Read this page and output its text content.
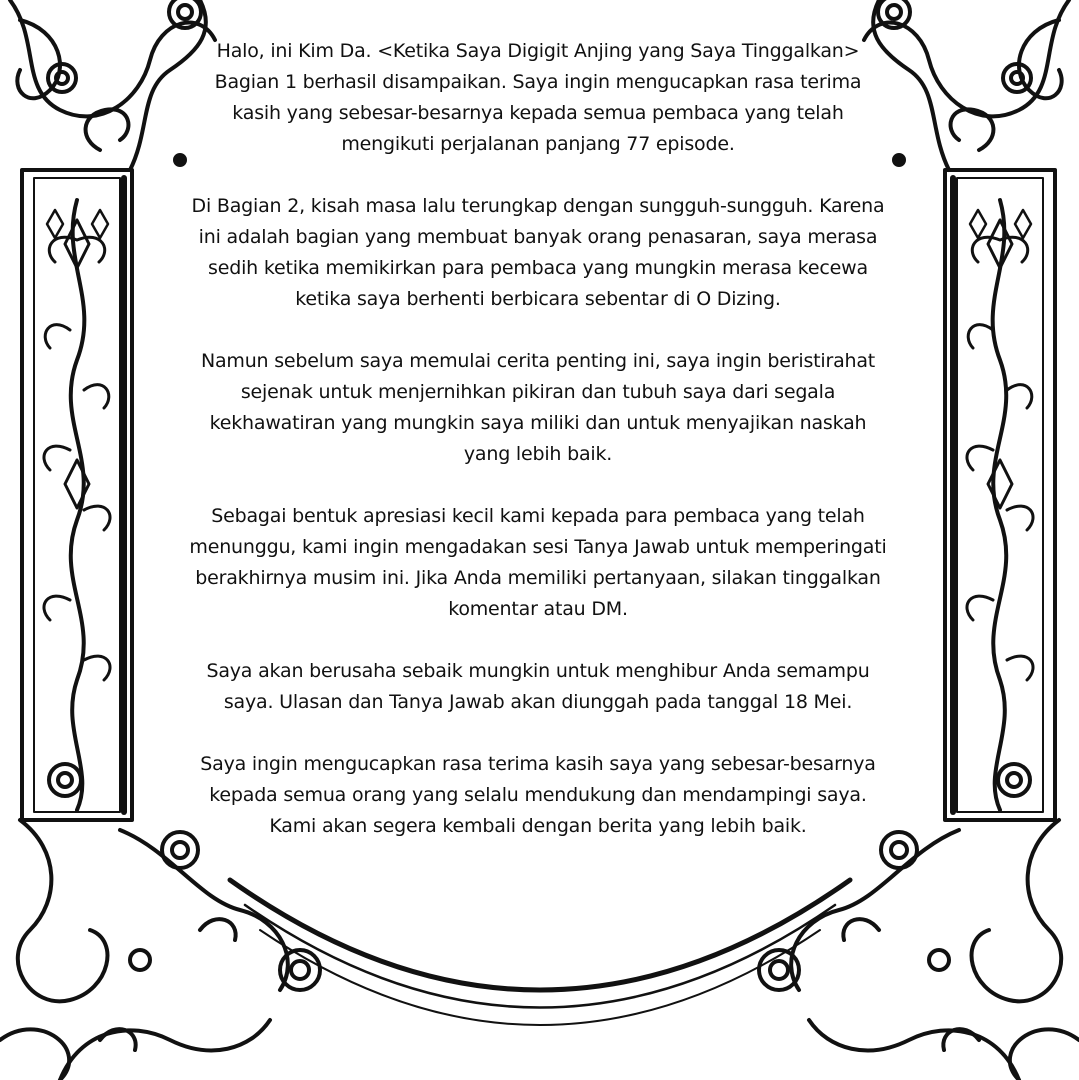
Halo, ini Kim Da. <Ketika Saya Digigit Anjing yang Saya Tinggalkan> Bagian 1 berhasil disampaikan. Saya ingin mengucapkan rasa terima kasih yang sebesar-besarnya kepada semua pembaca yang telah mengikuti perjalanan panjang 77 episode.

Di Bagian 2, kisah masa lalu terungkap dengan sungguh-sungguh. Karena ini adalah bagian yang membuat banyak orang penasaran, saya merasa sedih ketika memikirkan para pembaca yang mungkin merasa kecewa ketika saya berhenti berbicara sebentar di O Dizing.

Namun sebelum saya memulai cerita penting ini, saya ingin beristirahat sejenak untuk menjernihkan pikiran dan tubuh saya dari segala kekhawatiran yang mungkin saya miliki dan untuk menyajikan naskah yang lebih baik.

Sebagai bentuk apresiasi kecil kami kepada para pembaca yang telah menunggu, kami ingin mengadakan sesi Tanya Jawab untuk memperingati berakhirnya musim ini. Jika Anda memiliki pertanyaan, silakan tinggalkan komentar atau DM.

Saya akan berusaha sebaik mungkin untuk menghibur Anda semampu saya. Ulasan dan Tanya Jawab akan diunggah pada tanggal 18 Mei.

Saya ingin mengucapkan rasa terima kasih saya yang sebesar-besarnya kepada semua orang yang selalu mendukung dan mendampingi saya. Kami akan segera kembali dengan berita yang lebih baik.
